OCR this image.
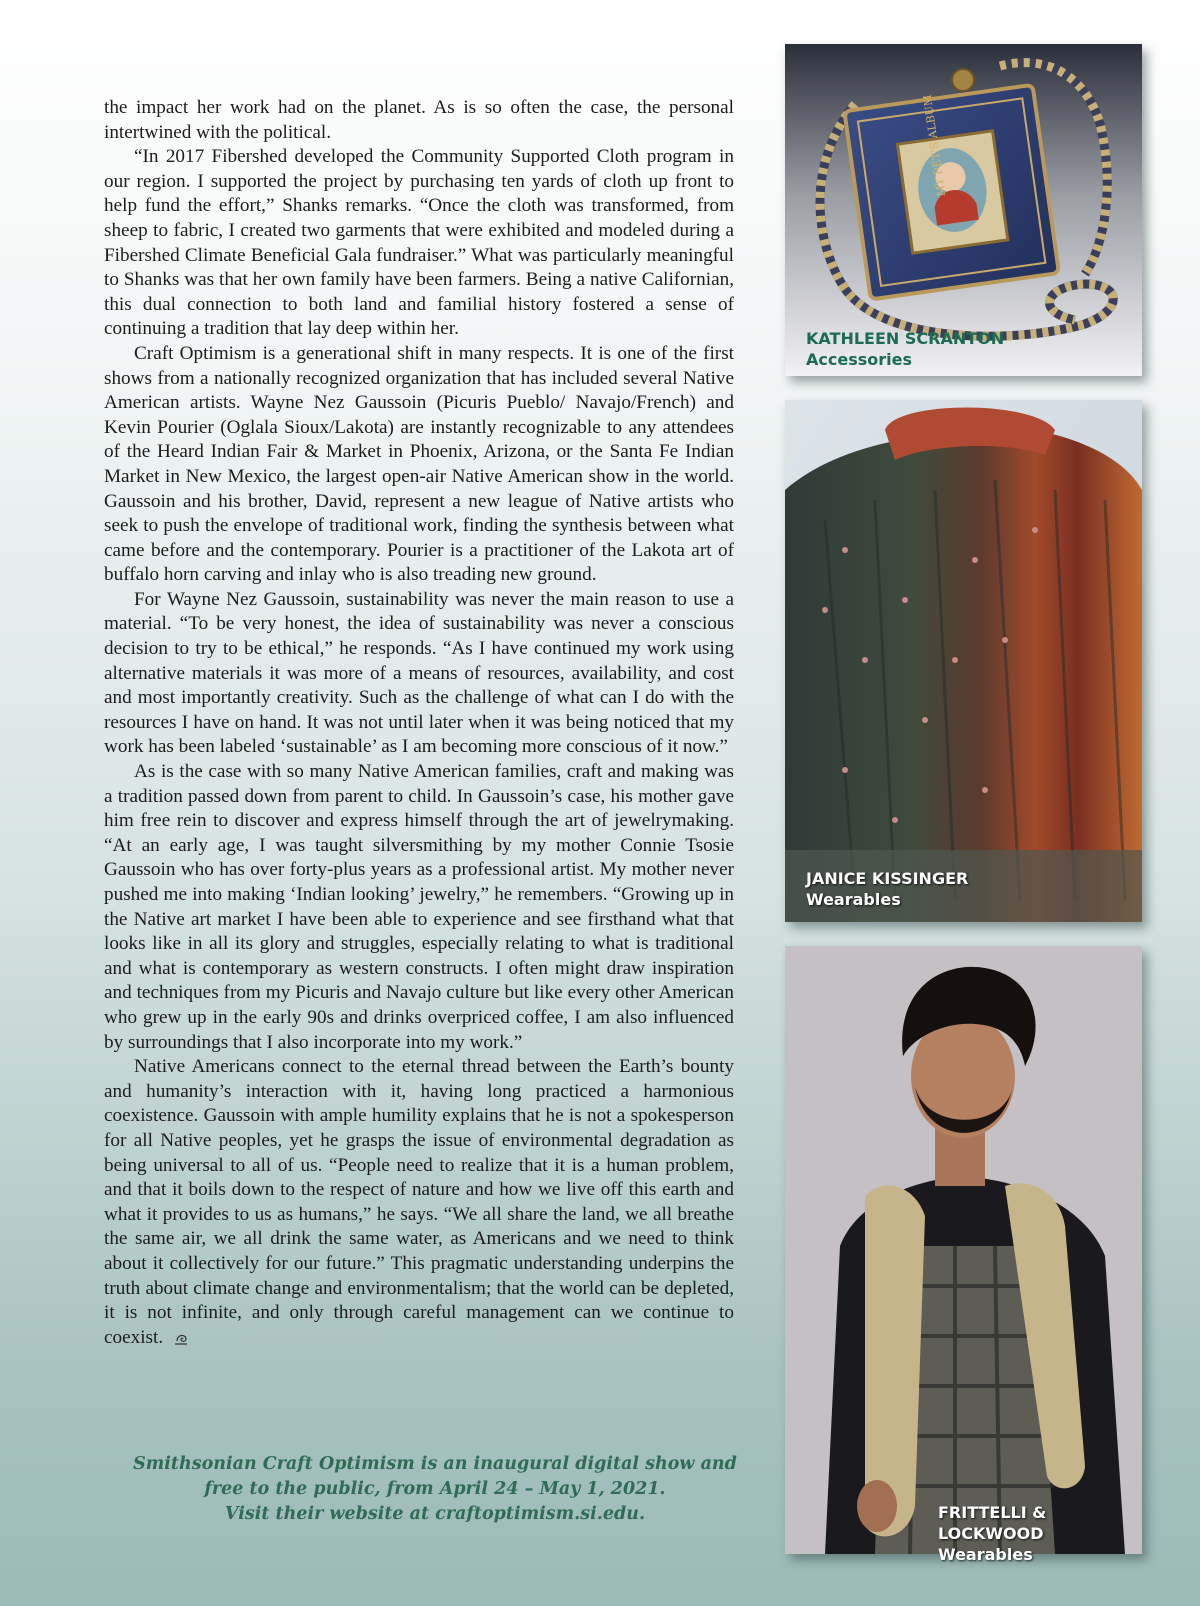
the impact her work had on the planet. As is so often the case, the personal intertwined with the political.

“In 2017 Fibershed developed the Community Supported Cloth program in our region. I supported the project by purchasing ten yards of cloth up front to help fund the effort,” Shanks remarks. “Once the cloth was transformed, from sheep to fabric, I created two garments that were exhibited and modeled during a Fibershed Climate Beneficial Gala fundraiser.” What was particularly meaningful to Shanks was that her own family have been farmers. Being a native Californian, this dual connection to both land and familial history fostered a sense of continuing a tradition that lay deep within her.

Craft Optimism is a generational shift in many respects. It is one of the first shows from a nationally recognized organization that has included several Native American artists. Wayne Nez Gaussoin (Picuris Pueblo/ Navajo/French) and Kevin Pourier (Oglala Sioux/Lakota) are instantly recognizable to any attendees of the Heard Indian Fair & Market in Phoenix, Arizona, or the Santa Fe Indian Market in New Mexico, the largest open-air Native American show in the world. Gaussoin and his brother, David, represent a new league of Native artists who seek to push the envelope of traditional work, finding the synthesis between what came before and the contemporary. Pourier is a practitioner of the Lakota art of buffalo horn carving and inlay who is also treading new ground.

For Wayne Nez Gaussoin, sustainability was never the main reason to use a material. “To be very honest, the idea of sustainability was never a conscious decision to try to be ethical,” he responds. “As I have continued my work using alternative materials it was more of a means of resources, availability, and cost and most importantly creativity. Such as the challenge of what can I do with the resources I have on hand. It was not until later when it was being noticed that my work has been labeled ‘sustainable’ as I am becoming more conscious of it now.”

As is the case with so many Native American families, craft and making was a tradition passed down from parent to child. In Gaussoin’s case, his mother gave him free rein to discover and express himself through the art of jewelrymaking. “At an early age, I was taught silversmithing by my mother Connie Tsosie Gaussoin who has over forty-plus years as a professional artist. My mother never pushed me into making ‘Indian looking’ jewelry,” he remembers. “Growing up in the Native art market I have been able to experience and see firsthand what that looks like in all its glory and struggles, especially relating to what is traditional and what is contemporary as western constructs. I often might draw inspiration and techniques from my Picuris and Navajo culture but like every other American who grew up in the early 90s and drinks overpriced coffee, I am also influenced by surroundings that I also incorporate into my work.”

Native Americans connect to the eternal thread between the Earth’s bounty and humanity’s interaction with it, having long practiced a harmonious coexistence. Gaussoin with ample humility explains that he is not a spokesperson for all Native peoples, yet he grasps the issue of environmental degradation as being universal to all of us. “People need to realize that it is a human problem, and that it boils down to the respect of nature and how we live off this earth and what it provides to us as humans,” he says. “We all share the land, we all breathe the same air, we all drink the same water, as Americans and we need to think about it collectively for our future.” This pragmatic understanding underpins the truth about climate change and environmentalism; that the world can be depleted, it is not infinite, and only through careful management can we continue to coexist.

Smithsonian Craft Optimism is an inaugural digital show and
free to the public, from April 24 – May 1, 2021.
Visit their website at craftoptimism.si.edu.
MY PET'S ALBUM
KATHLEEN SCRANTON
Accessories
JANICE KISSINGER
Wearables
FRITTELLI & LOCKWOOD
Wearables
